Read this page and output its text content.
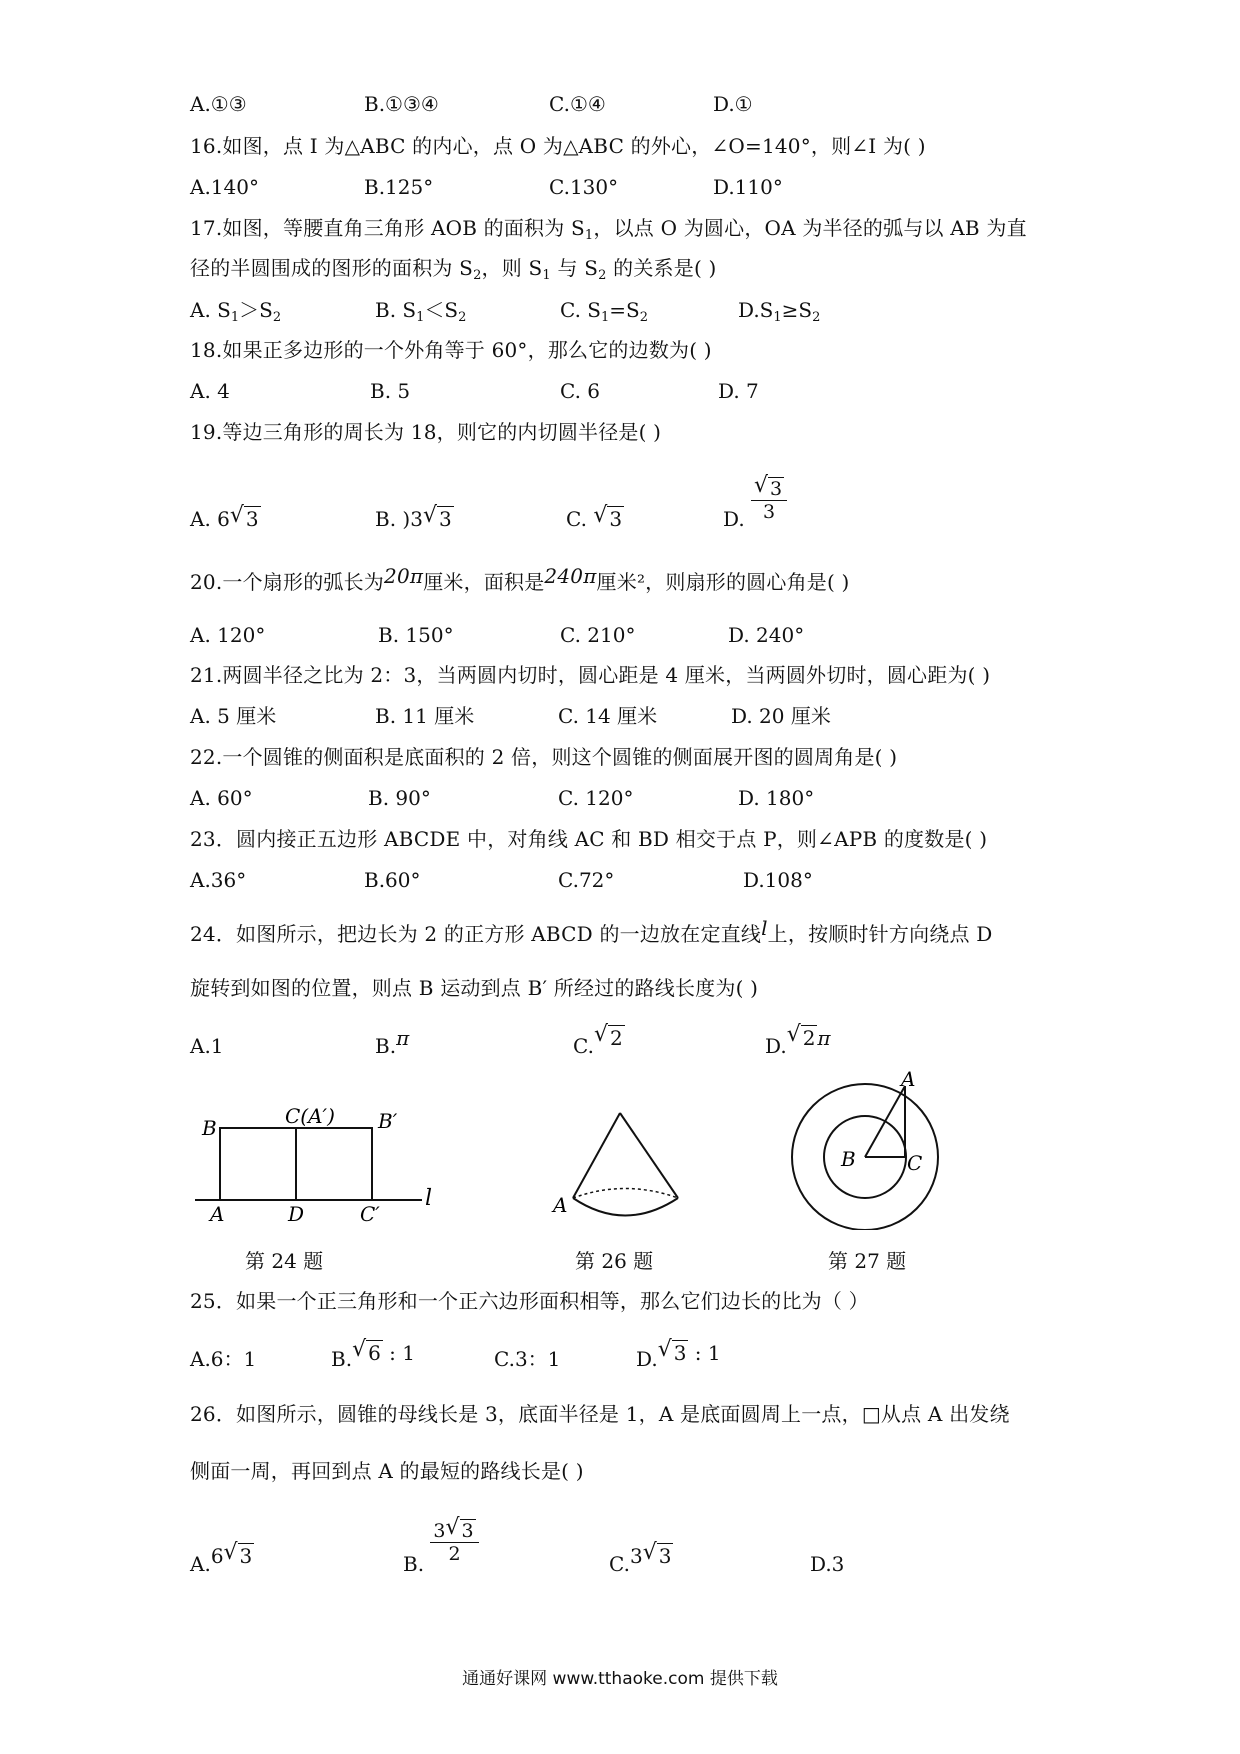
A.①③	B.①③④	C.①④	D.①
16.如图，点 I 为△ABC 的内心，点 O 为△ABC 的外心，∠O=140°，则∠I 为( )
A.140°	B.125°	C.130°	D.110°
17.如图，等腰直角三角形 AOB 的面积为 $S_1$，以点 O 为圆心，OA 为半径的弧与以 AB 为直
径的半圆围成的图形的面积为 $S_2$，则 $S_1$ 与 $S_2$ 的关系是( )
A. $S_1>S_2$	B. $S_1<S_2$	C. $S_1=S_2$	$D.S_1\ge S_2$
18.如果正多边形的一个外角等于 60°，那么它的边数为( )
A. 4	B. 5	C. 6	D. 7
19.等边三角形的周长为 18，则它的内切圆半径是( )
A. 6 √ 3	B. )3 √ 3	C. √ 3	D. √ $\frac{3}{3}$
20.一个扇形的弧长为20π厘米，面积是240π厘米²，则扇形的圆心角是( )
A. 120°	B. 150°	C. 210°	D. 240°
21.两圆半径之比为 2：3，当两圆内切时，圆心距是 4 厘米，当两圆外切时，圆心距为( )
A. 5 厘米	B. 11 厘米	C. 14 厘米	D. 20 厘米
22.一个圆锥的侧面积是底面积的 2 倍，则这个圆锥的侧面展开图的圆周角是( )
A. 60°	B. 90°	C. 120°	D. 180°
23．圆内接正五边形 ABCDE 中，对角线 AC 和 BD 相交于点 P，则∠APB 的度数是( )
A.36°	B.60°	C.72°	D.108°
24．如图所示，把边长为 2 的正方形 ABCD 的一边放在定直线l上，按顺时针方向绕点 D
旋转到如图的位置，则点 B 运动到点 B′ 所经过的路线长度为( )
A.1	B.π	C. √ 2	D. √ 2 π
B	C(A′) B′
A	D	C′
l
第 24 题
A
第 26 题
A
B	C
第 27 题
25．如果一个正三角形和一个正六边形面积相等，那么它们边长的比为（ ）
A.6：1	B. √ 6 : 1	C.3：1	D. √ 3 : 1
26．如图所示，圆锥的母线长是 3，底面半径是 1，A 是底面圆周上一点，□从点 A 出发绕
侧面一周，再回到点 A 的最短的路线长是( )
A.6 √ 3	B. $\frac{3 √ 3}{2}$	C.3 √ 3	D.3
通通好课网 www.tthaoke.com 提供下载
